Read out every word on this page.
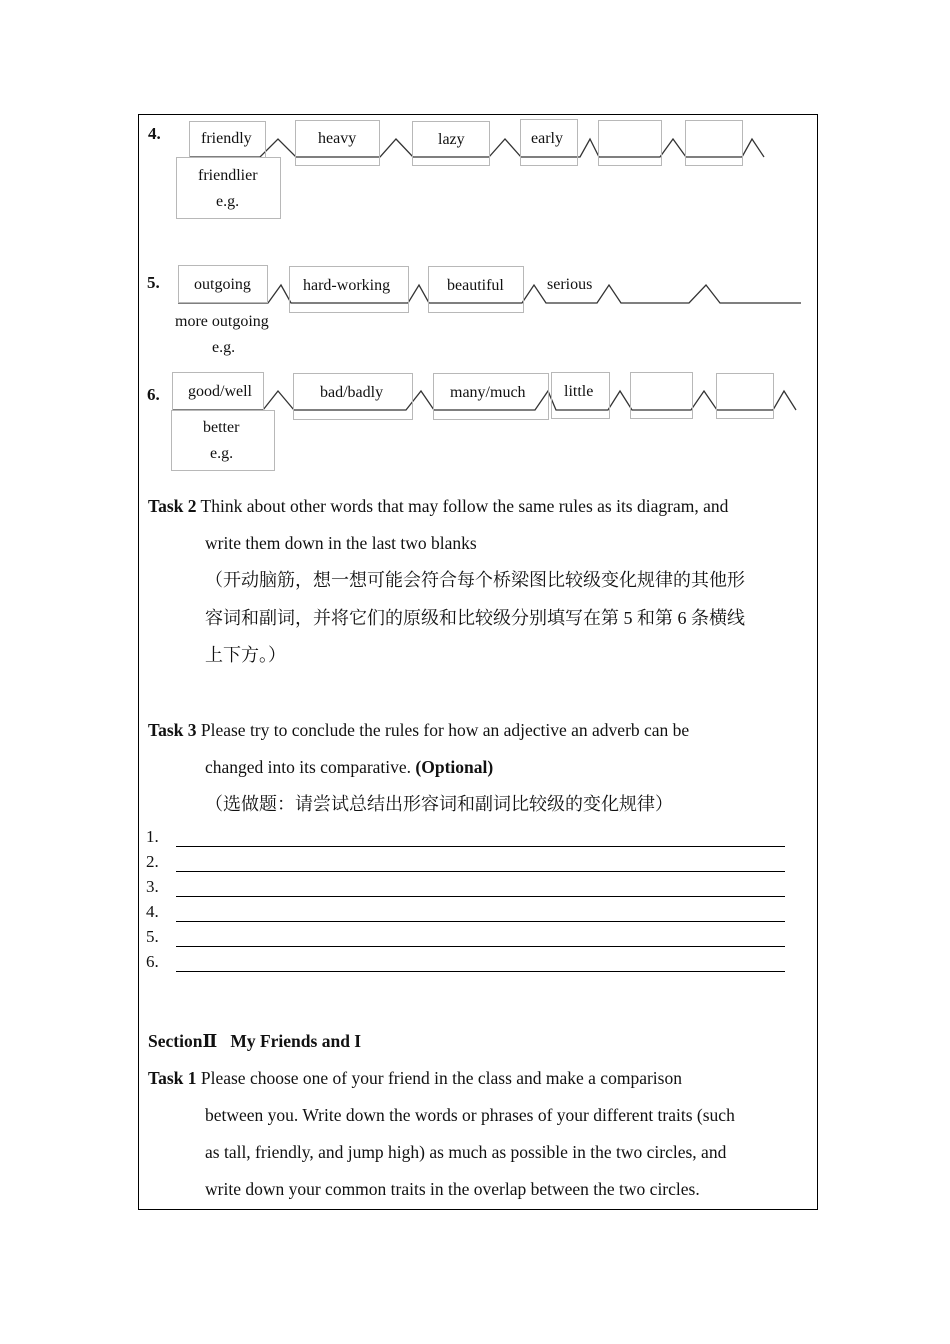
4.	friendly	heavy	lazy	early
friendlier
e.g.
5. outgoing	hard-working	beautiful	serious
more outgoing
e.g.
6. good/well	bad/badly	many/much little
better
e.g.
Task 2 Think about other words that may follow the same rules as its diagram, and
write them down in the last two blanks
（开动脑筋，想一想可能会符合每个桥梁图比较级变化规律的其他形
容词和副词，并将它们的原级和比较级分别填写在第 5 和第 6 条横线
上下方。）
Task 3 Please try to conclude the rules for how an adjective an adverb can be
changed into its comparative. (Optional)
（选做题：请尝试总结出形容词和副词比较级的变化规律）
1.
2.
3.
4.
5.
6.
SectionⅡ My Friends and I
Task 1 Please choose one of your friend in the class and make a comparison
between you. Write down the words or phrases of your different traits (such
as tall, friendly, and jump high) as much as possible in the two circles, and
write down your common traits in the overlap between the two circles.
